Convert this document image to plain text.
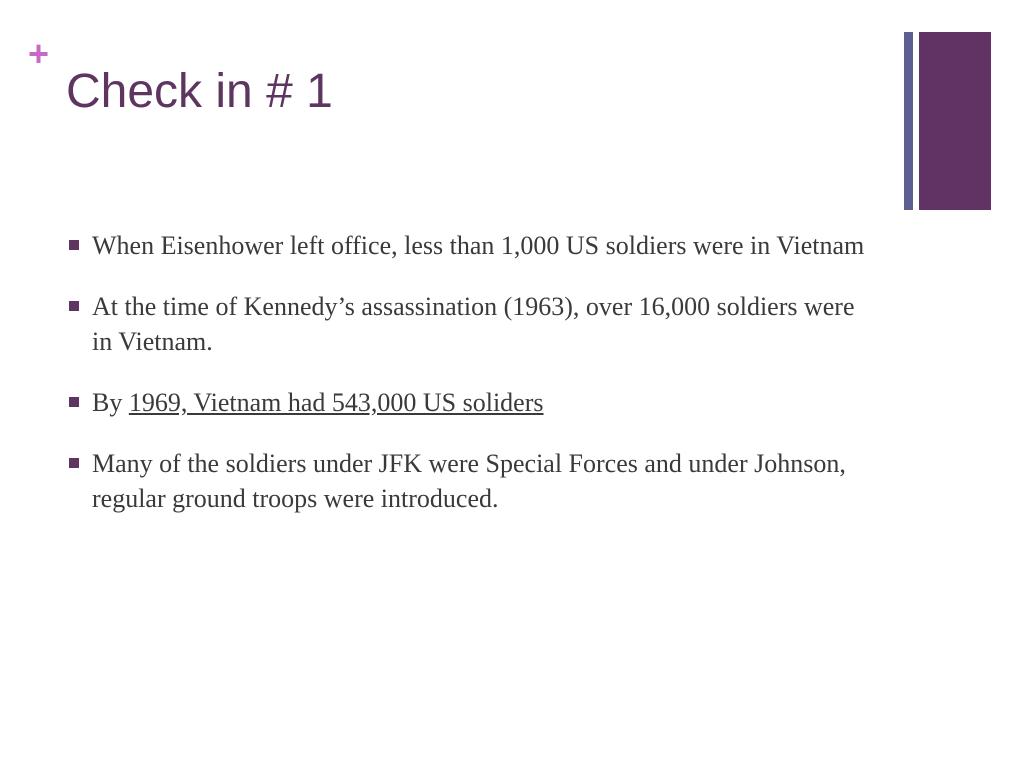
+
Check in # 1
When Eisenhower left office, less than 1,000 US soldiers were in Vietnam
At the time of Kennedy’s assassination (1963), over 16,000 soldiers were in Vietnam.
By 1969, Vietnam had 543,000 US soliders
Many of the soldiers under JFK were Special Forces and under Johnson, regular ground troops were introduced.
